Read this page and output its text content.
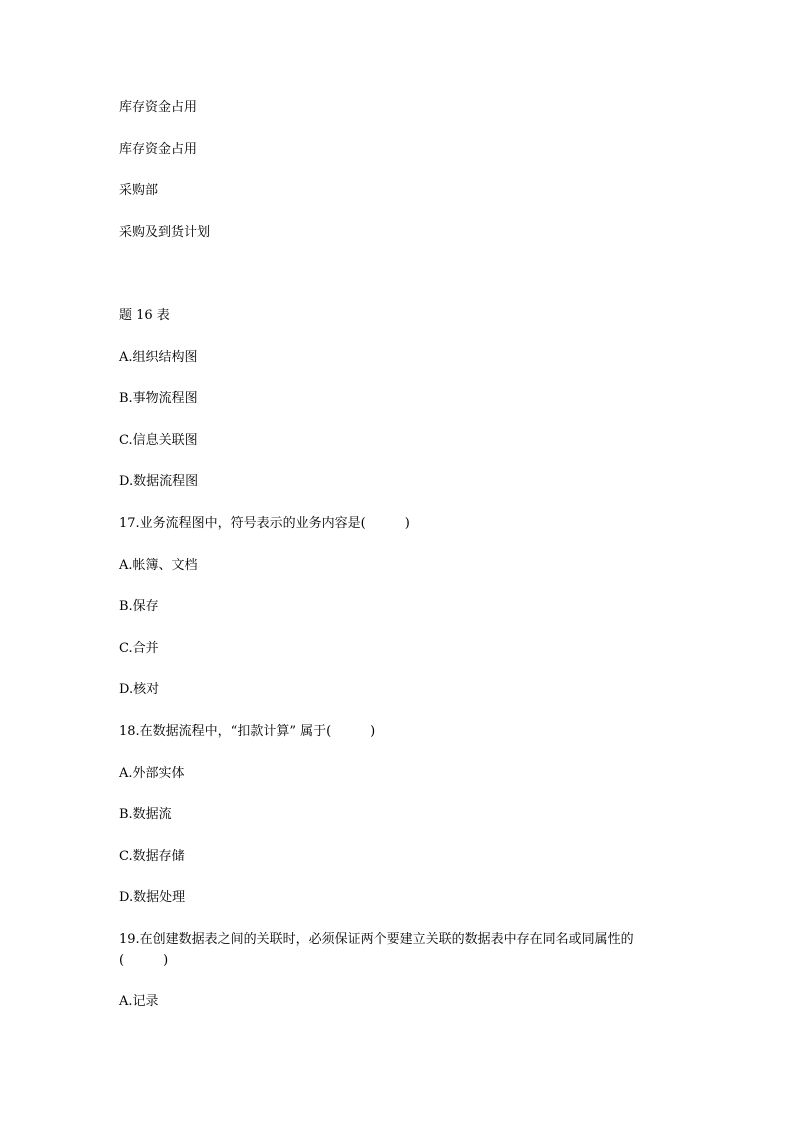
库存资金占用
库存资金占用
采购部
采购及到货计划
题 16 表
A.组织结构图
B.事物流程图
C.信息关联图
D.数据流程图
17.业务流程图中，符号表示的业务内容是(　　　)
A.帐簿、文档
B.保存
C.合并
D.核对
18.在数据流程中，“扣款计算” 属于(　　　)
A.外部实体
B.数据流
C.数据存储
D.数据处理
19.在创建数据表之间的关联时，必须保证两个要建立关联的数据表中存在同名或同属性的
(　　　)
A.记录
